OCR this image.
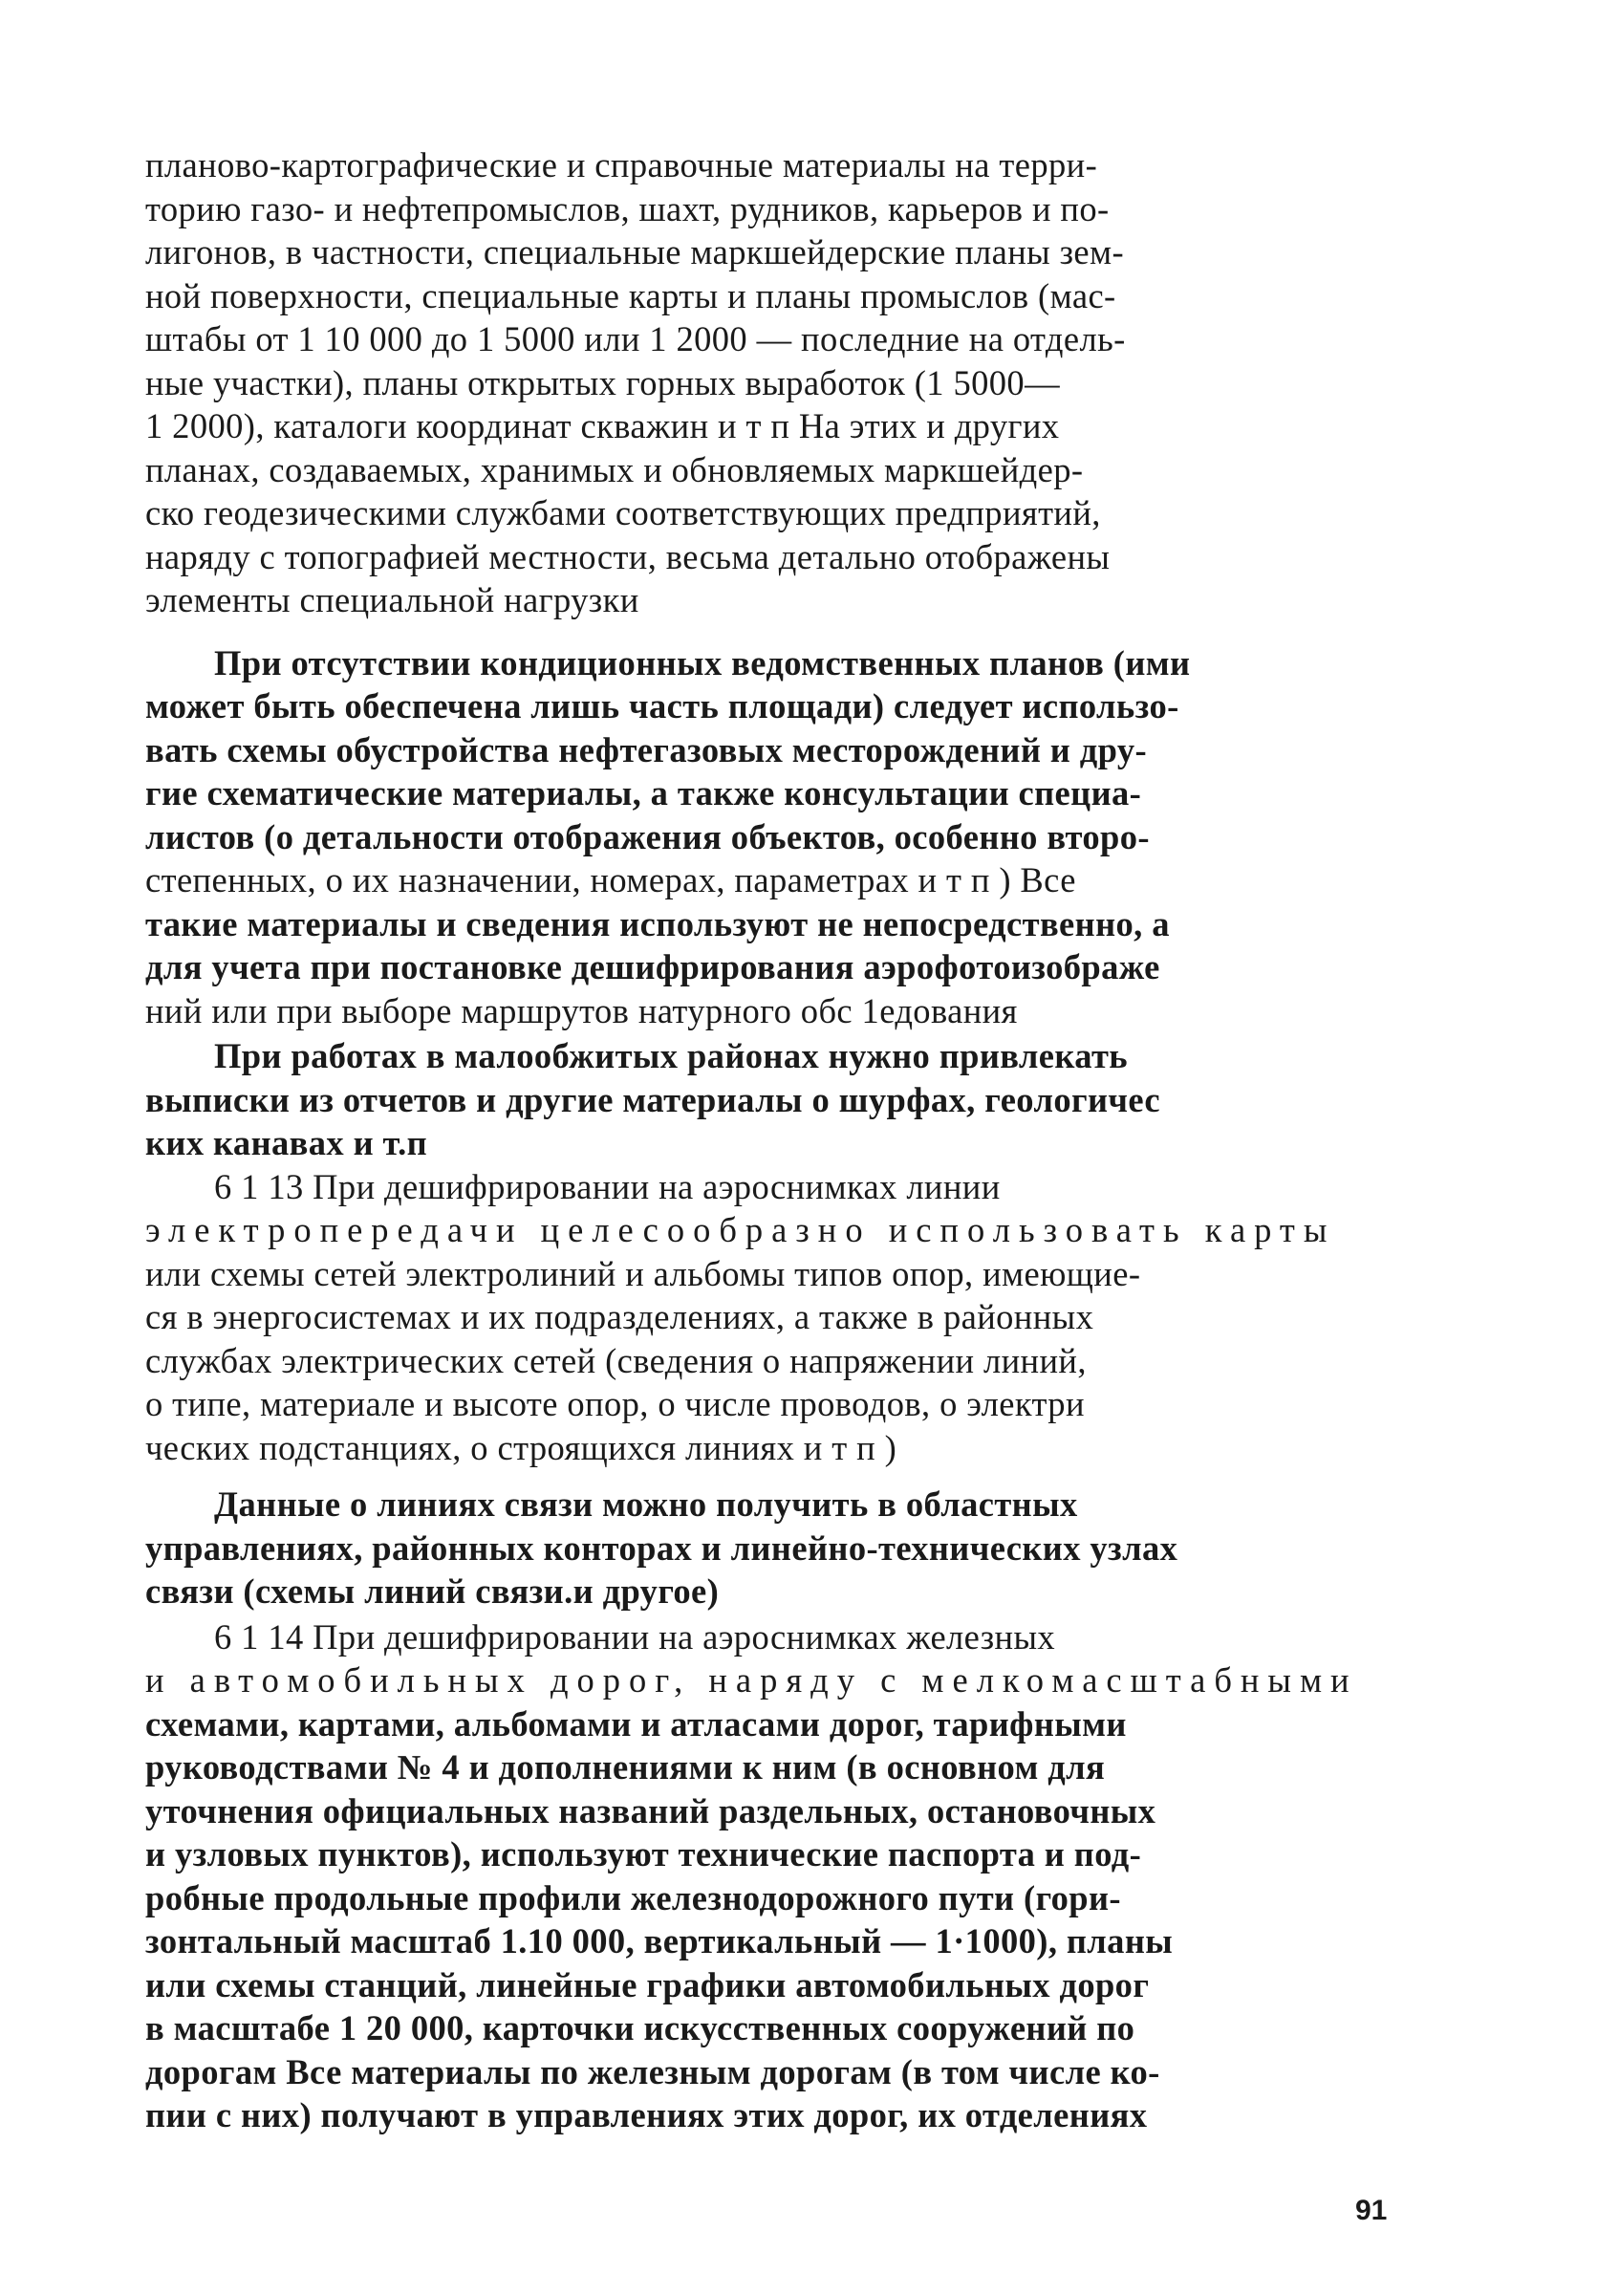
планово-картографические и справочные материалы на терри-
торию газо- и нефтепромыслов, шахт, рудников, карьеров и по-
лигонов, в частности, специальные маркшейдерские планы зем-
ной поверхности, специальные карты и планы промыслов (мас-
штабы от 1 10 000 до 1 5000 или 1 2000 — последние на отдель-
ные участки), планы открытых горных выработок (1 5000—
1 2000), каталоги координат скважин и т п На этих и других
планах, создаваемых, хранимых и обновляемых маркшейдер-
ско геодезическими службами соответствующих предприятий,
наряду с топографией местности, весьма детально отображены
элементы специальной нагрузки

При отсутствии кондиционных ведомственных планов (ими
может быть обеспечена лишь часть площади) следует использо-
вать схемы обустройства нефтегазовых месторождений и дру-
гие схематические материалы, а также консультации специа-
листов (о детальности отображения объектов, особенно второ-
степенных, о их назначении, номерах, параметрах и т п ) Все
такие материалы и сведения используют не непосредственно, а
для учета при постановке дешифрирования аэрофотоизображе
ний или при выборе маршрутов натурного обс 1едования

При работах в малообжитых районах нужно привлекать
выписки из отчетов и другие материалы о шурфах, геологичес
ких канавах и т.п

6 1 13 При дешифрировании на аэроснимках линии
электропередачи целесообразно использовать карты
или схемы сетей электролиний и альбомы типов опор, имеющие-
ся в энергосистемах и их подразделениях, а также в районных
службах электрических сетей (сведения о напряжении линий,
о типе, материале и высоте опор, о числе проводов, о электри
ческих подстанциях, о строящихся линиях и т п )

Данные о линиях связи можно получить в областных
управлениях, районных конторах и линейно-технических узлах
связи (схемы линий связи.и другое)

6 1 14 При дешифрировании на аэроснимках железных
и автомобильных дорог, наряду с мелкомасштабными
схемами, картами, альбомами и атласами дорог, тарифными
руководствами № 4 и дополнениями к ним (в основном для
уточнения официальных названий раздельных, остановочных
и узловых пунктов), используют технические паспорта и под-
робные продольные профили железнодорожного пути (гори-
зонтальный масштаб 1.10 000, вертикальный — 1·1000), планы
или схемы станций, линейные графики автомобильных дорог
в масштабе 1 20 000, карточки искусственных сооружений по
дорогам Все материалы по железным дорогам (в том числе ко-
пии с них) получают в управлениях этих дорог, их отделениях

91
